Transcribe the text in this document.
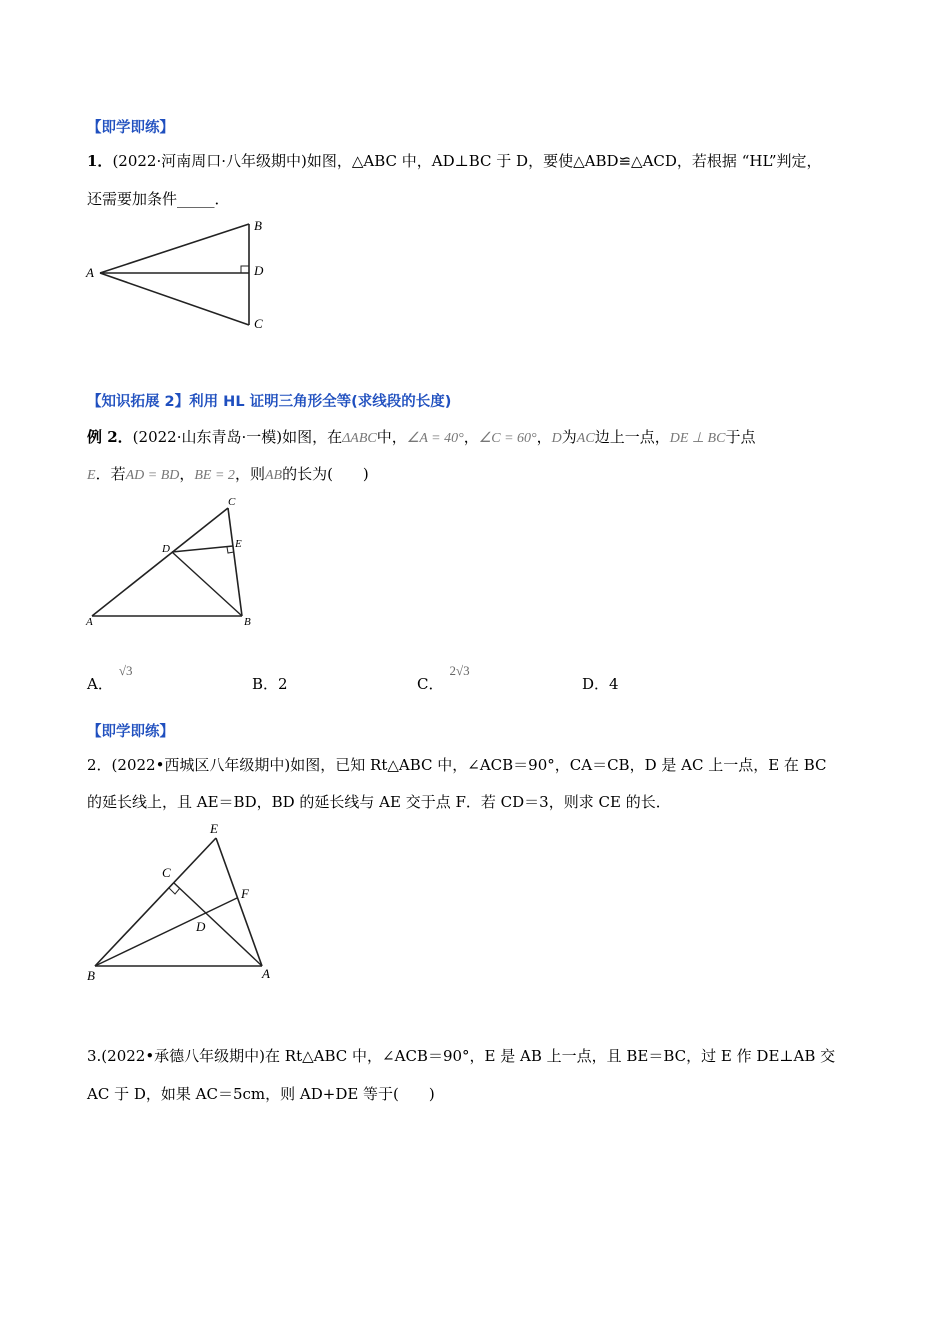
【即学即练】
1．(2022·河南周口·八年级期中)如图，△ABC 中，AD⊥BC 于 D，要使△ABD≌△ACD，若根据 “HL”判定，
还需要加条件_____．
A
B
D
C
【知识拓展 2】利用 HL 证明三角形全等(求线段的长度)
例 2．(2022·山东青岛·一模)如图，在ΔABC中，∠A = 40°，∠C = 60°，D为AC边上一点，DE ⊥ BC于点
E．若AD = BD，BE = 2，则AB的长为(　　)
A	B
C
D	E
A．√3
B．2	C．2√3
D．4
【即学即练】
2．(2022•西城区八年级期中)如图，已知 Rt△ABC 中，∠ACB＝90°，CA＝CB，D 是 AC 上一点，E 在 BC
的延长线上，且 AE＝BD，BD 的延长线与 AE 交于点 F．若 CD＝3，则求 CE 的长．
B	A
C
D
E
F
3.(2022•承德八年级期中)在 Rt△ABC 中，∠ACB＝90°，E 是 AB 上一点，且 BE＝BC，过 E 作 DE⊥AB 交
AC 于 D，如果 AC＝5cm，则 AD+DE 等于(　　)
